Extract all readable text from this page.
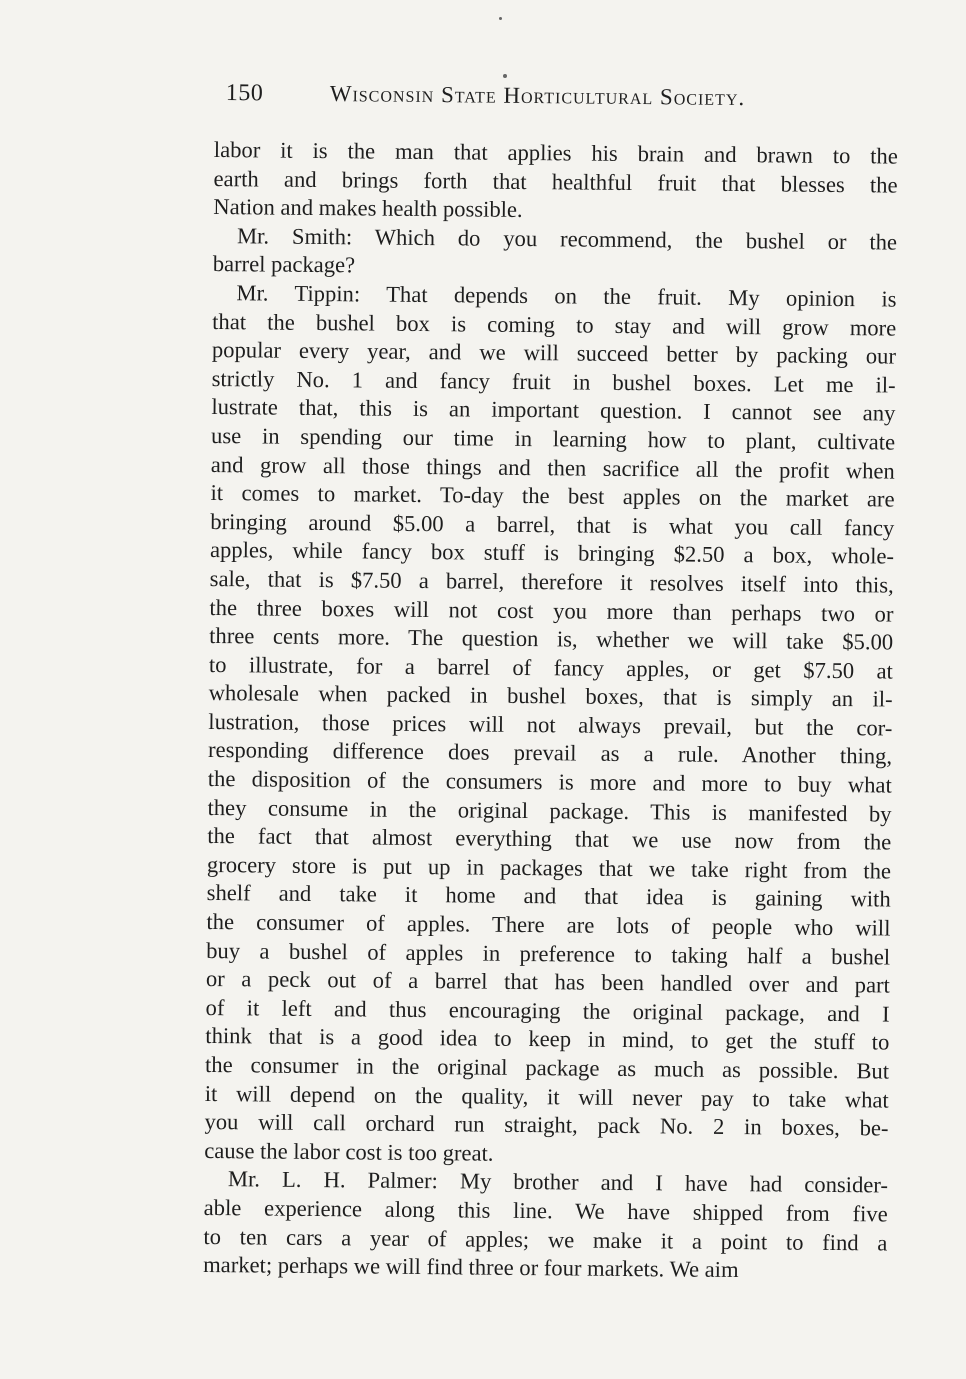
150	Wisconsin State Horticultural Society.
labor it is the man that applies his brain and brawn to the
earth and brings forth that healthful fruit that blesses the
Nation and makes health possible.
Mr. Smith: Which do you recommend, the bushel or the
barrel package?
Mr. Tippin: That depends on the fruit. My opinion is
that the bushel box is coming to stay and will grow more
popular every year, and we will succeed better by packing our
strictly No. 1 and fancy fruit in bushel boxes. Let me il-
lustrate that, this is an important question. I cannot see any
use in spending our time in learning how to plant, cultivate
and grow all those things and then sacrifice all the profit when
it comes to market. To-day the best apples on the market are
bringing around $5.00 a barrel, that is what you call fancy
apples, while fancy box stuff is bringing $2.50 a box, whole-
sale, that is $7.50 a barrel, therefore it resolves itself into this,
the three boxes will not cost you more than perhaps two or
three cents more. The question is, whether we will take $5.00
to illustrate, for a barrel of fancy apples, or get $7.50 at
wholesale when packed in bushel boxes, that is simply an il-
lustration, those prices will not always prevail, but the cor-
responding difference does prevail as a rule. Another thing,
the disposition of the consumers is more and more to buy what
they consume in the original package. This is manifested by
the fact that almost everything that we use now from the
grocery store is put up in packages that we take right from the
shelf and take it home and that idea is gaining with
the consumer of apples. There are lots of people who will
buy a bushel of apples in preference to taking half a bushel
or a peck out of a barrel that has been handled over and part
of it left and thus encouraging the original package, and I
think that is a good idea to keep in mind, to get the stuff to
the consumer in the original package as much as possible. But
it will depend on the quality, it will never pay to take what
you will call orchard run straight, pack No. 2 in boxes, be-
cause the labor cost is too great.
Mr. L. H. Palmer: My brother and I have had consider-
able experience along this line. We have shipped from five
to ten cars a year of apples; we make it a point to find a
market; perhaps we will find three or four markets. We aim
